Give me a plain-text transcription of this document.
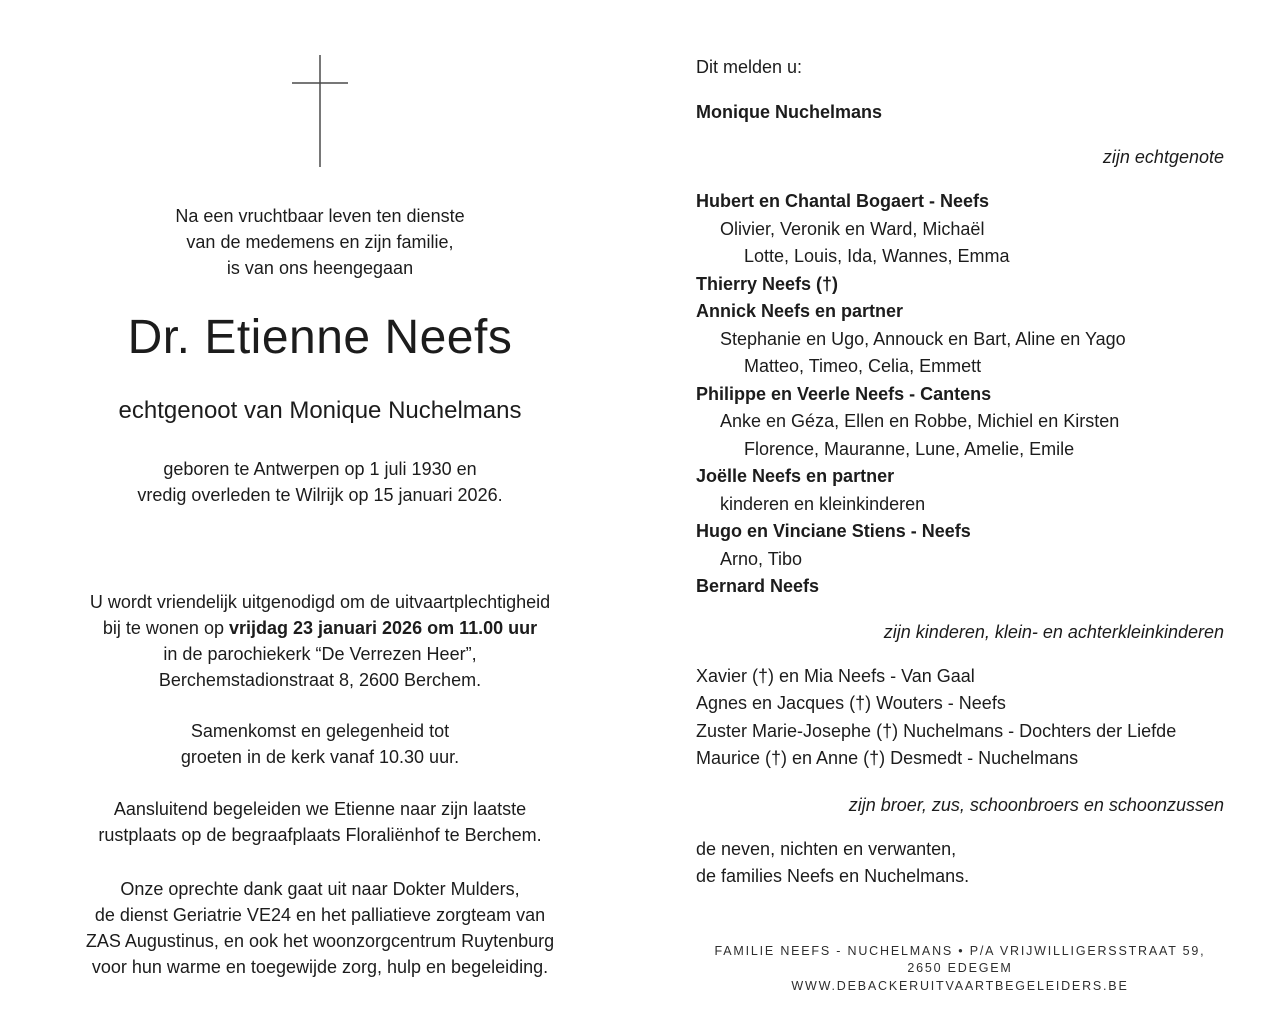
Na een vruchtbaar leven ten dienste
van de medemens en zijn familie,
is van ons heengegaan

Dr. Etienne Neefs

echtgenoot van Monique Nuchelmans

geboren te Antwerpen op 1 juli 1930 en
vredig overleden te Wilrijk op 15 januari 2026.

U wordt vriendelijk uitgenodigd om de uitvaartplechtigheid
bij te wonen op vrijdag 23 januari 2026 om 11.00 uur
in de parochiekerk “De Verrezen Heer”,
Berchemstadionstraat 8, 2600 Berchem.

Samenkomst en gelegenheid tot
groeten in de kerk vanaf 10.30 uur.

Aansluitend begeleiden we Etienne naar zijn laatste
rustplaats op de begraafplaats Floraliënhof te Berchem.

Onze oprechte dank gaat uit naar Dokter Mulders,
de dienst Geriatrie VE24 en het palliatieve zorgteam van
ZAS Augustinus, en ook het woonzorgcentrum Ruytenburg
voor hun warme en toegewijde zorg, hulp en begeleiding.

Dit melden u:

Monique Nuchelmans

zijn echtgenote

Hubert en Chantal Bogaert - Neefs
Olivier, Veronik en Ward, Michaël
Lotte, Louis, Ida, Wannes, Emma
Thierry Neefs (†)
Annick Neefs en partner
Stephanie en Ugo, Annouck en Bart, Aline en Yago
Matteo, Timeo, Celia, Emmett
Philippe en Veerle Neefs - Cantens
Anke en Géza, Ellen en Robbe, Michiel en Kirsten
Florence, Mauranne, Lune, Amelie, Emile
Joëlle Neefs en partner
kinderen en kleinkinderen
Hugo en Vinciane Stiens - Neefs
Arno, Tibo
Bernard Neefs

zijn kinderen, klein- en achterkleinkinderen

Xavier (†) en Mia Neefs - Van Gaal
Agnes en Jacques (†) Wouters - Neefs
Zuster Marie-Josephe (†) Nuchelmans - Dochters der Liefde
Maurice (†) en Anne (†) Desmedt - Nuchelmans

zijn broer, zus, schoonbroers en schoonzussen

de neven, nichten en verwanten,
de families Neefs en Nuchelmans.

FAMILIE NEEFS - NUCHELMANS • P/A VRIJWILLIGERSSTRAAT 59, 2650 EDEGEM
WWW.DEBACKERUITVAARTBEGELEIDERS.BE
